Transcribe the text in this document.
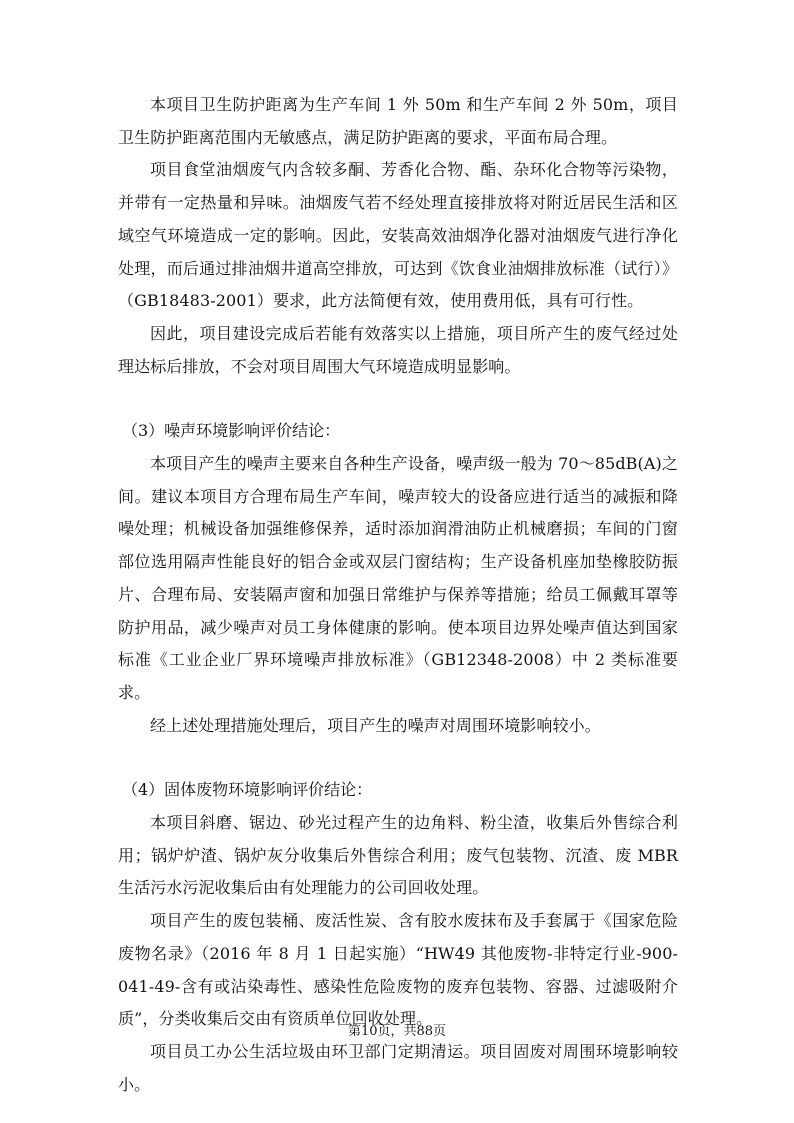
本项目卫生防护距离为生产车间 1 外 50m 和生产车间 2 外 50m，项目卫生防护距离范围内无敏感点，满足防护距离的要求，平面布局合理。

项目食堂油烟废气内含较多酮、芳香化合物、酯、杂环化合物等污染物，并带有一定热量和异味。油烟废气若不经处理直接排放将对附近居民生活和区域空气环境造成一定的影响。因此，安装高效油烟净化器对油烟废气进行净化处理，而后通过排油烟井道高空排放，可达到《饮食业油烟排放标准（试行）》（GB18483-2001）要求，此方法简便有效，使用费用低，具有可行性。

因此，项目建设完成后若能有效落实以上措施，项目所产生的废气经过处理达标后排放，不会对项目周围大气环境造成明显影响。

（3）噪声环境影响评价结论：

本项目产生的噪声主要来自各种生产设备，噪声级一般为 70～85dB(A)之间。建议本项目方合理布局生产车间，噪声较大的设备应进行适当的减振和降噪处理；机械设备加强维修保养，适时添加润滑油防止机械磨损；车间的门窗部位选用隔声性能良好的铝合金或双层门窗结构；生产设备机座加垫橡胶防振片、合理布局、安装隔声窗和加强日常维护与保养等措施；给员工佩戴耳罩等防护用品，减少噪声对员工身体健康的影响。使本项目边界处噪声值达到国家标准《工业企业厂界环境噪声排放标准》（GB12348-2008）中 2 类标准要求。

经上述处理措施处理后，项目产生的噪声对周围环境影响较小。

（4）固体废物环境影响评价结论：

本项目斜磨、锯边、砂光过程产生的边角料、粉尘渣，收集后外售综合利用；锅炉炉渣、锅炉灰分收集后外售综合利用；废气包装物、沉渣、废 MBR 生活污水污泥收集后由有处理能力的公司回收处理。

项目产生的废包装桶、废活性炭、含有胶水废抹布及手套属于《国家危险废物名录》（2016 年 8 月 1 日起实施）“HW49 其他废物-非特定行业-900-041-49-含有或沾染毒性、感染性危险废物的废弃包装物、容器、过滤吸附介质”，分类收集后交由有资质单位回收处理。

项目员工办公生活垃圾由环卫部门定期清运。项目固废对周围环境影响较小。

第10页，共88页
